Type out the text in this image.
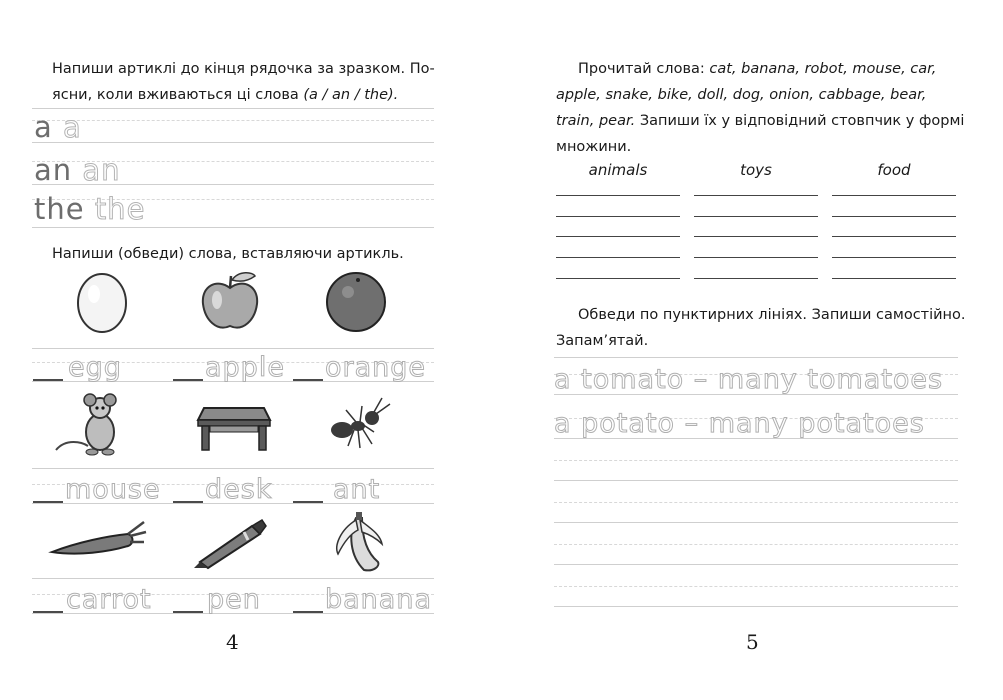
Напиши артиклі до кінця рядочка за зразком. По-
ясни, коли вживаються ці слова (a / an / the).
a a
an an
the the
Напиши (обведи) слова, вставляючи артикль.
egg	apple orange
mouse desk ant
carrot pen banana
4
Прочитай слова: cat, banana, robot, mouse, car,
apple, snake, bike, doll, dog, onion, cabbage, bear,
train, pear. Запиши їх у відповідний стовпчик у формі
множини.
animals	toys	food
Обведи по пунктирних лініях. Запиши самостійно.
Запам’ятай.
a tomato – many tomatoes
a potato – many potatoes
5
